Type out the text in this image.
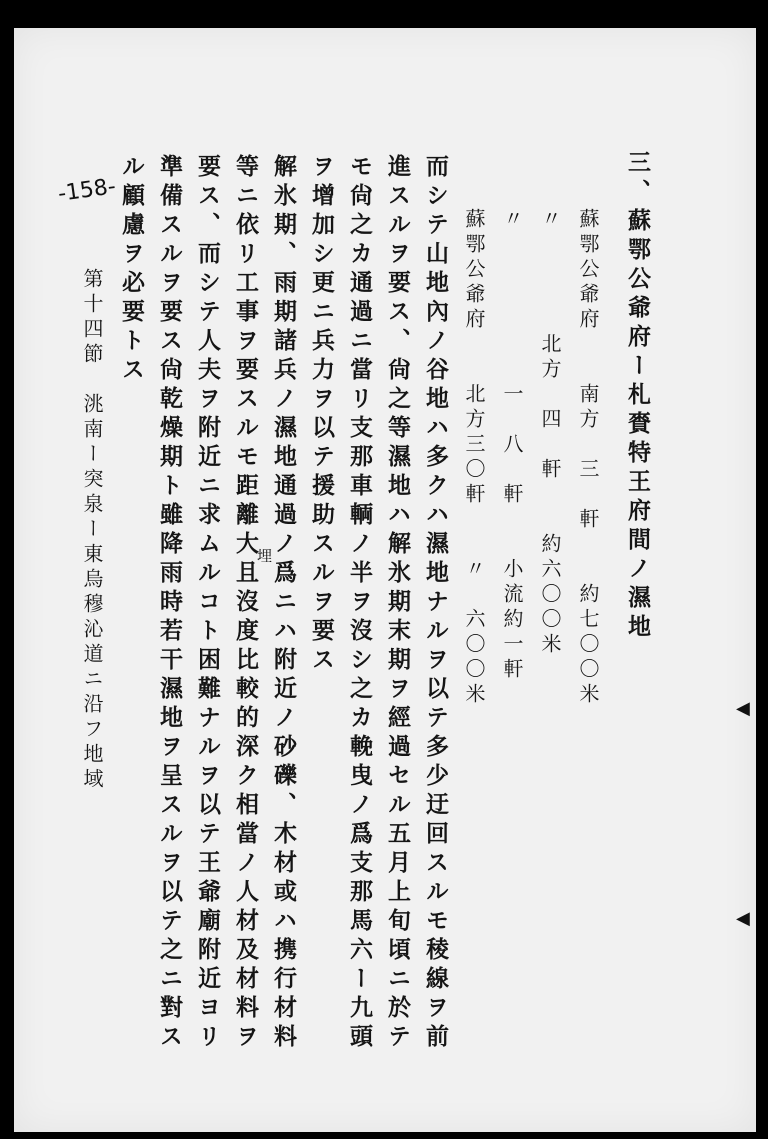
-158-	三、蘇鄂公爺府ー札賚特王府間ノ濕地
蘇鄂公爺府　　南方　三　軒　　約七〇〇米
〃　　　　北方　四　軒　　約六〇〇米
〃　　　　　　一　八　軒　　小流約一軒
蘇鄂公爺府　　北方三〇軒　　〃　六〇〇米
而シテ山地內ノ谷地ハ多クハ濕地ナルヲ以テ多少迂回スルモ稜線ヲ前
進スルヲ要ス、尙之等濕地ハ解氷期末期ヲ經過セル五月上旬頃ニ於テ
モ尙之カ通過ニ當リ支那車輌ノ半ヲ沒シ之カ輓曳ノ爲支那馬六ー九頭
ヲ增加シ更ニ兵力ヲ以テ援助スルヲ要ス
解氷期、雨期諸兵ノ濕地通過ノ爲ニハ附近ノ砂礫、木材或ハ携行材料
等ニ依リ工事ヲ要スルモ距離大且沒度比較的深ク相當ノ人材及材料ヲ
要ス、而シテ人夫ヲ附近ニ求ムルコト困難ナルヲ以テ王爺廟附近ヨリ
準備スルヲ要ス尙乾燥期ト雖降雨時若干濕地ヲ呈スルヲ以テ之ニ對ス
ル顧慮ヲ必要トス
第十四節　洮南ー突泉ー東烏穆沁道ニ沿フ地域	埋
◀
◀
